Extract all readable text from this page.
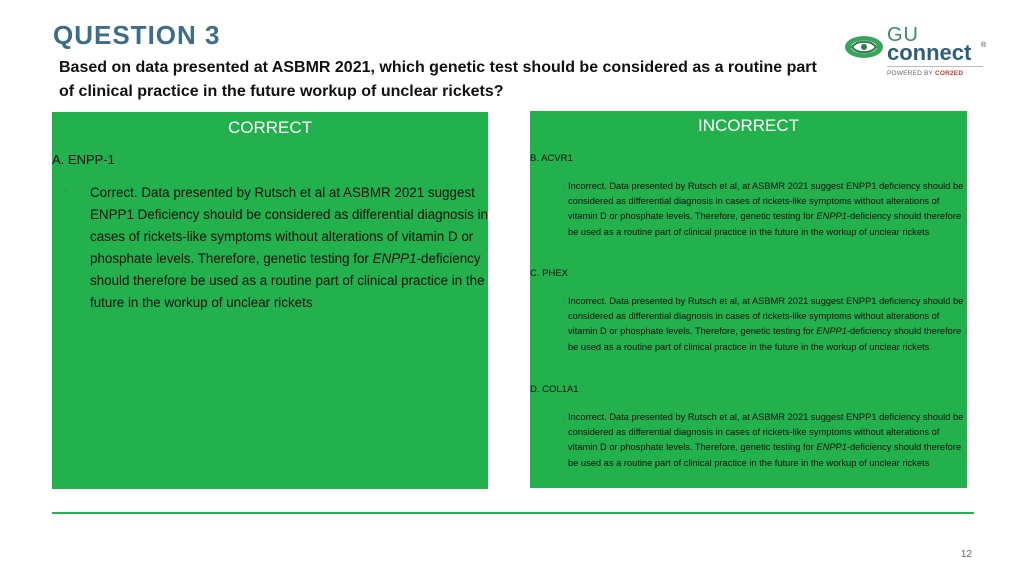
QUESTION 3
Based on data presented at ASBMR 2021, which genetic test should be considered as a routine part of clinical practice in the future workup of unclear rickets?
GU
connect ®
POWERED BY COR2ED
CORRECT
A. ENPP-1
· Correct. Data presented by Rutsch et al at ASBMR 2021 suggest ENPP1 Deficiency should be considered as differential diagnosis in cases of rickets-like symptoms without alterations of vitamin D or phosphate levels. Therefore, genetic testing for ENPP1-deficiency should therefore be used as a routine part of clinical practice in the future in the workup of unclear rickets
INCORRECT
B. ACVR1
· Incorrect. Data presented by Rutsch et al, at ASBMR 2021 suggest ENPP1 deficiency should be considered as differential diagnosis in cases of rickets-like symptoms without alterations of vitamin D or phosphate levels. Therefore, genetic testing for ENPP1-deficiency should therefore be used as a routine part of clinical practice in the future in the workup of unclear rickets
C. PHEX
· Incorrect. Data presented by Rutsch et al, at ASBMR 2021 suggest ENPP1 deficiency should be considered as differential diagnosis in cases of rickets-like symptoms without alterations of vitamin D or phosphate levels. Therefore, genetic testing for ENPP1-deficiency should therefore be used as a routine part of clinical practice in the future in the workup of unclear rickets
D. COL1A1
· Incorrect. Data presented by Rutsch et al, at ASBMR 2021 suggest ENPP1 deficiency should be considered as differential diagnosis in cases of rickets-like symptoms without alterations of vitamin D or phosphate levels. Therefore, genetic testing for ENPP1-deficiency should therefore be used as a routine part of clinical practice in the future in the workup of unclear rickets
12
